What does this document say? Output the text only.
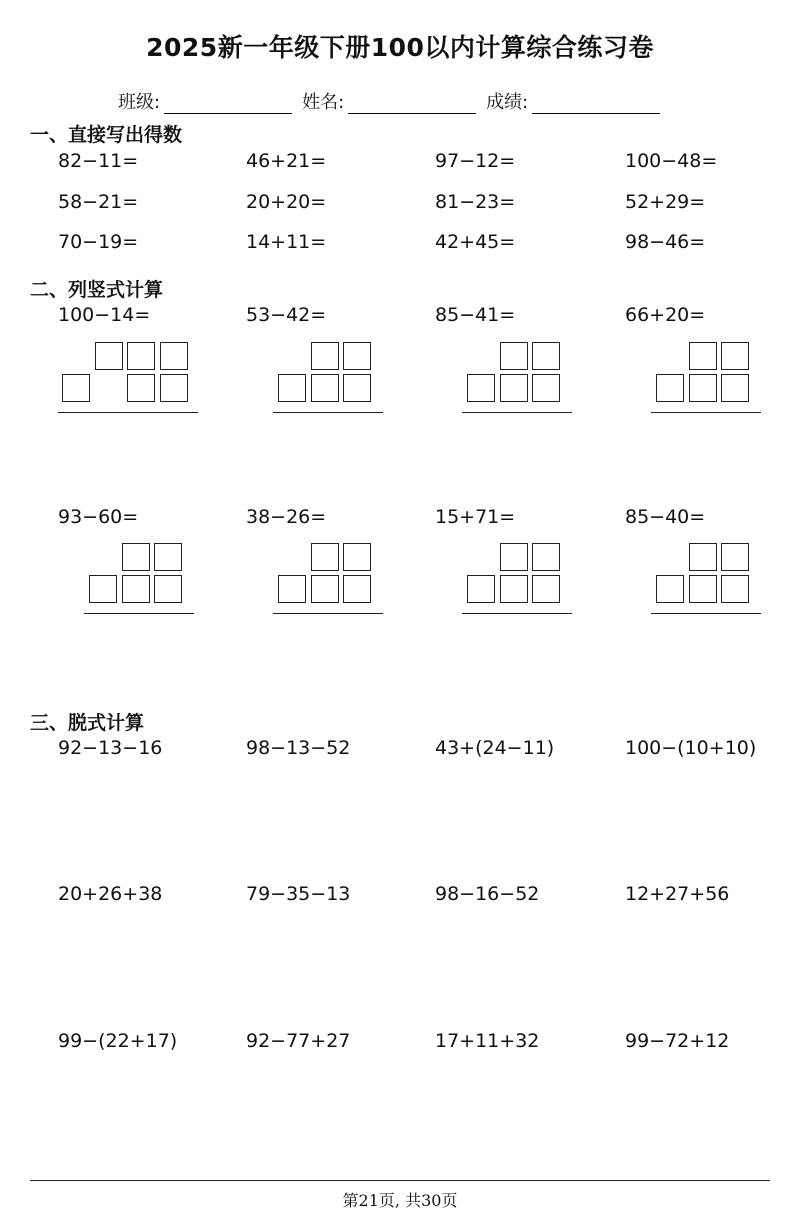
2025新一年级下册100以内计算综合练习卷
班级:	姓名:	成绩:
一、直接写出得数
82−11=	46+21=	97−12=	100−48=
58−21=	20+20=	81−23=	52+29=
70−19=	14+11=	42+45=	98−46=
二、列竖式计算
100−14=	53−42=	85−41=	66+20=
93−60=	38−26=	15+71=	85−40=
三、脱式计算
92−13−16	98−13−52	43+(24−11)	100−(10+10)
20+26+38	79−35−13	98−16−52	12+27+56
99−(22+17)	92−77+27	17+11+32	99−72+12
第21页, 共30页
